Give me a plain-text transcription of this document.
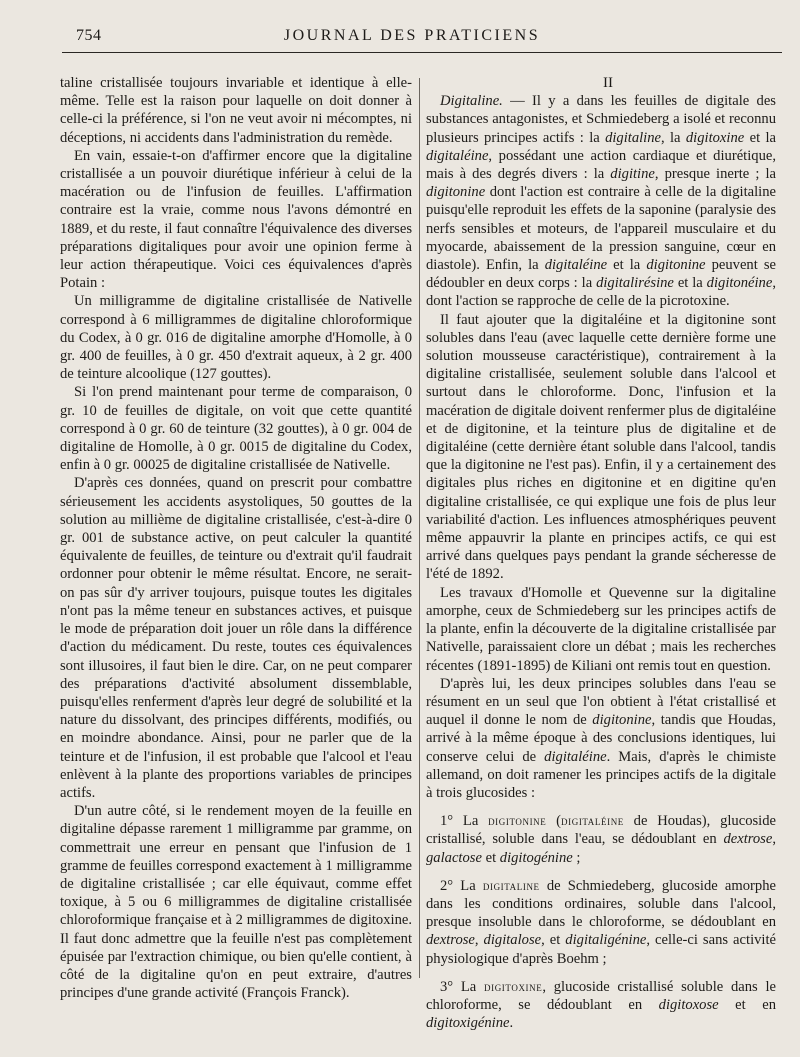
754	JOURNAL DES PRATICIENS

taline cristallisée toujours invariable et identique à elle-même. Telle est la raison pour laquelle on doit donner à celle-ci la préférence, si l'on ne veut avoir ni mécomptes, ni déceptions, ni accidents dans l'administration du remède.

En vain, essaie-t-on d'affirmer encore que la digitaline cristallisée a un pouvoir diurétique inférieur à celui de la macération ou de l'infusion de feuilles. L'affirmation contraire est la vraie, comme nous l'avons démontré en 1889, et du reste, il faut connaître l'équivalence des diverses préparations digitaliques pour avoir une opinion ferme à leur action thérapeutique. Voici ces équivalences d'après Potain :

Un milligramme de digitaline cristallisée de Nativelle correspond à 6 milligrammes de digitaline chloroformique du Codex, à 0 gr. 016 de digitaline amorphe d'Homolle, à 0 gr. 400 de feuilles, à 0 gr. 450 d'extrait aqueux, à 2 gr. 400 de teinture alcoolique (127 gouttes).

Si l'on prend maintenant pour terme de comparaison, 0 gr. 10 de feuilles de digitale, on voit que cette quantité correspond à 0 gr. 60 de teinture (32 gouttes), à 0 gr. 004 de digitaline de Homolle, à 0 gr. 0015 de digitaline du Codex, enfin à 0 gr. 00025 de digitaline cristallisée de Nativelle.

D'après ces données, quand on prescrit pour combattre sérieusement les accidents asystoliques, 50 gouttes de la solution au millième de digitaline cristallisée, c'est-à-dire 0 gr. 001 de substance active, on peut calculer la quantité équivalente de feuilles, de teinture ou d'extrait qu'il faudrait ordonner pour obtenir le même résultat. Encore, ne serait-on pas sûr d'y arriver toujours, puisque toutes les digitales n'ont pas la même teneur en substances actives, et puisque le mode de préparation doit jouer un rôle dans la différence d'action du médicament. Du reste, toutes ces équivalences sont illusoires, il faut bien le dire. Car, on ne peut comparer des préparations d'activité absolument dissemblable, puisqu'elles renferment d'après leur degré de solubilité et la nature du dissolvant, des principes différents, modifiés, ou en moindre abondance. Ainsi, pour ne parler que de la teinture et de l'infusion, il est probable que l'alcool et l'eau enlèvent à la plante des proportions variables de principes actifs.

D'un autre côté, si le rendement moyen de la feuille en digitaline dépasse rarement 1 milligramme par gramme, on commettrait une erreur en pensant que l'infusion de 1 gramme de feuilles correspond exactement à 1 milligramme de digitaline cristallisée ; car elle équivaut, comme effet toxique, à 5 ou 6 milligrammes de digitaline cristallisée chloroformique française et à 2 milligrammes de digitoxine. Il faut donc admettre que la feuille n'est pas complètement épuisée par l'extraction chimique, ou bien qu'elle contient, à côté de la digitaline qu'on en peut extraire, d'autres principes d'une grande activité (François Franck).

II

Digitaline. — Il y a dans les feuilles de digitale des substances antagonistes, et Schmiedeberg a isolé et reconnu plusieurs principes actifs : la digitaline, la digitoxine et la digitaléine, possédant une action cardiaque et diurétique, mais à des degrés divers : la digitine, presque inerte ; la digitonine dont l'action est contraire à celle de la digitaline puisqu'elle reproduit les effets de la saponine (paralysie des nerfs sensibles et moteurs, de l'appareil musculaire et du myocarde, abaissement de la pression sanguine, cœur en diastole). Enfin, la digitaléine et la digitonine peuvent se dédoubler en deux corps : la digitalirésine et la digitonéine, dont l'action se rapproche de celle de la picrotoxine.

Il faut ajouter que la digitaléine et la digitonine sont solubles dans l'eau (avec laquelle cette dernière forme une solution mousseuse caractéristique), contrairement à la digitaline cristallisée, seulement soluble dans l'alcool et surtout dans le chloroforme. Donc, l'infusion et la macération de digitale doivent renfermer plus de digitaléine et de digitonine, et la teinture plus de digitaline et de digitaléine (cette dernière étant soluble dans l'alcool, tandis que la digitonine ne l'est pas). Enfin, il y a certainement des digitales plus riches en digitonine et en digitine qu'en digitaline cristallisée, ce qui explique une fois de plus leur variabilité d'action. Les influences atmosphériques peuvent même appauvrir la plante en principes actifs, ce qui est arrivé dans quelques pays pendant la grande sécheresse de l'été de 1892.

Les travaux d'Homolle et Quevenne sur la digitaline amorphe, ceux de Schmiedeberg sur les principes actifs de la plante, enfin la découverte de la digitaline cristallisée par Nativelle, paraissaient clore un débat ; mais les recherches récentes (1891-1895) de Kiliani ont remis tout en question.

D'après lui, les deux principes solubles dans l'eau se résument en un seul que l'on obtient à l'état cristallisé et auquel il donne le nom de digitonine, tandis que Houdas, arrivé à la même époque à des conclusions identiques, lui conserve celui de digitaléine. Mais, d'après le chimiste allemand, on doit ramener les principes actifs de la digitale à trois glucosides :

1° La digitonine (digitaléine de Houdas), glucoside cristallisé, soluble dans l'eau, se dédoublant en dextrose, galactose et digitogénine ;

2° La digitaline de Schmiedeberg, glucoside amorphe dans les conditions ordinaires, soluble dans l'alcool, presque insoluble dans le chloroforme, se dédoublant en dextrose, digitalose, et digitaligénine, celle-ci sans activité physiologique d'après Boehm ;

3° La digitoxine, glucoside cristallisé soluble dans le chloroforme, se dédoublant en digitoxose et en digitoxigénine.
